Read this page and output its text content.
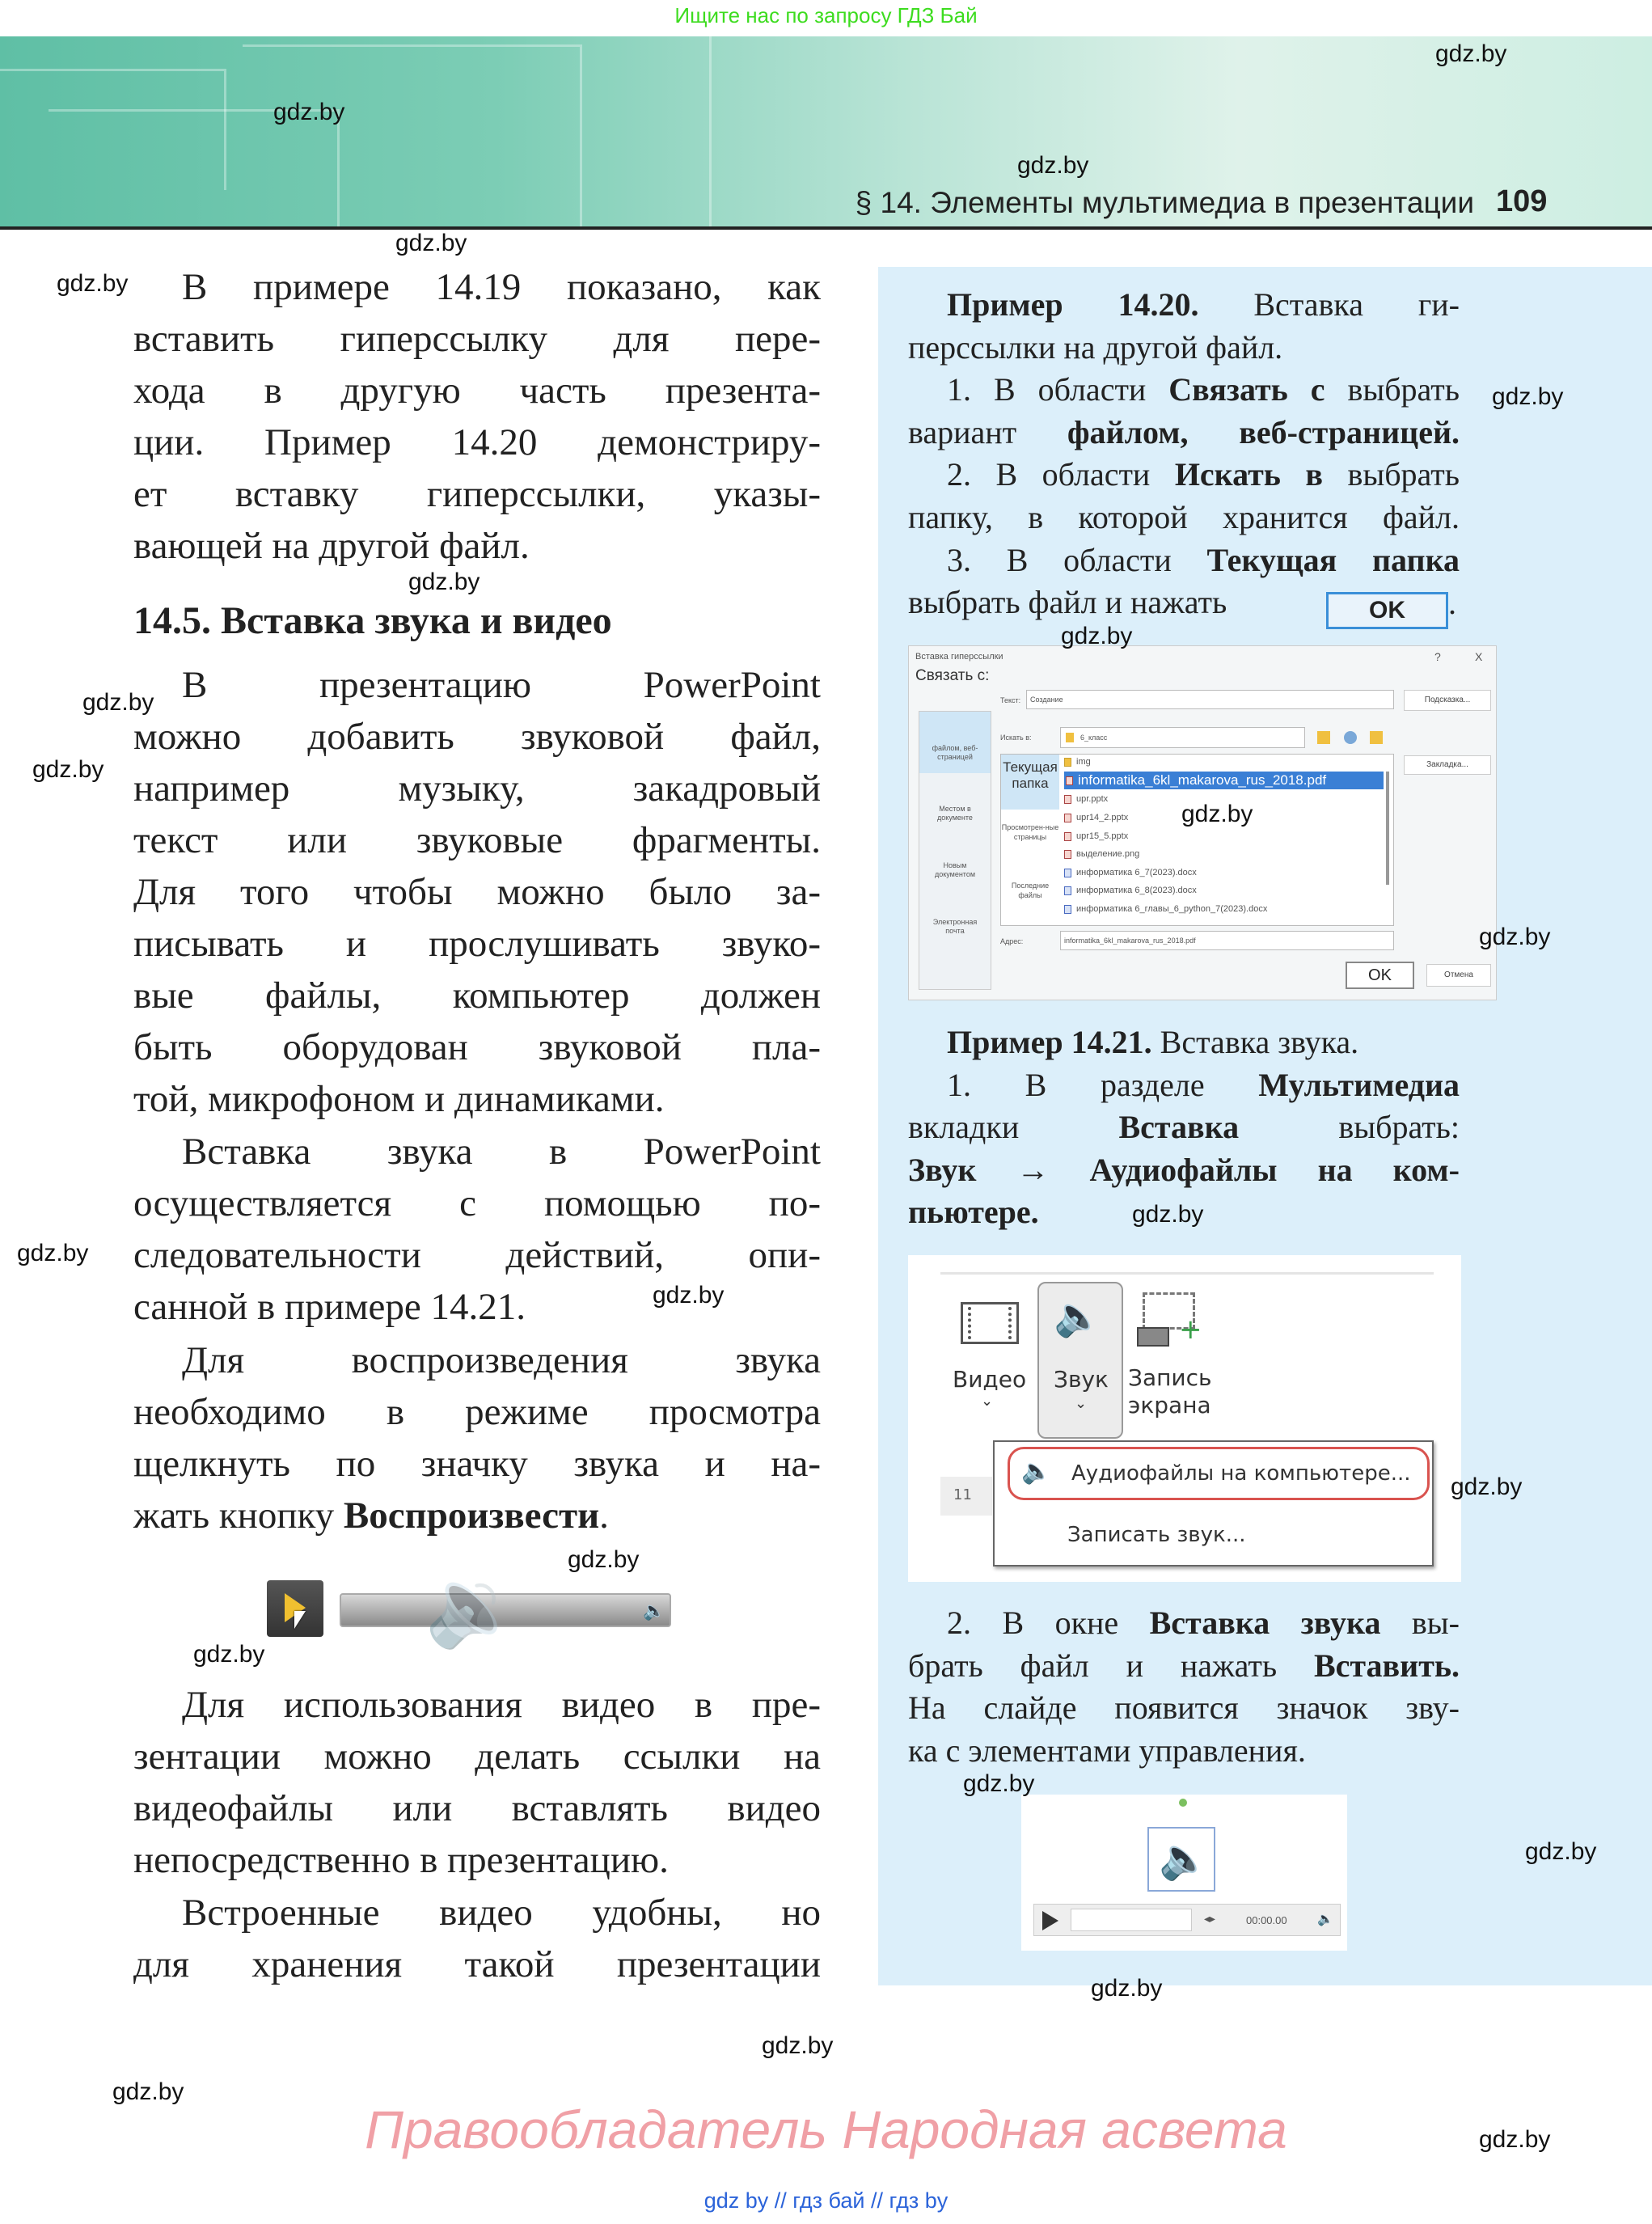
Ищите нас по запросу ГДЗ Бай
§ 14. Элементы мультимедиа в презентации 109
В примере 14.19 показано, как
вставить гиперссылку для пере-
хода в другую часть презента-
ции. Пример 14.20 демонстриру-
ет вставку гиперссылки, указы-
вающей на другой файл.
14.5. Вставка звука и видео
В презентацию PowerPoint
можно добавить звуковой файл,
например музыку, закадровый
текст или звуковые фрагменты.
Для того чтобы можно было за-
писывать и прослушивать звуко-
вые файлы, компьютер должен
быть оборудован звуковой пла-
той, микрофоном и динамиками.
Вставка звука в PowerPoint
осуществляется с помощью по-
следовательности действий, опи-
санной в примере 14.21.
Для воспроизведения звука
необходимо в режиме просмотра
щелкнуть по значку звука и на-
жать кнопку Воспроизвести.
🔈
🔉
Для использования видео в пре-
зентации можно делать ссылки на
видеофайлы или вставлять видео
непосредственно в презентацию.
Встроенные видео удобны, но
для хранения такой презентации
Пример 14.20. Вставка ги-
перссылки на другой файл.
1. В области Связать с выбрать
вариант файлом, веб-страницей.
2. В области Искать в выбрать
папку, в которой хранится файл.
3. В области Текущая папка
выбрать файл и нажать	OK .
Вставка гиперссылки	?	X
Связать с:
файлом, веб-страницей
Местом в документе
Новым документом
Электронная почта
Текст: Создание	Подсказка...
Искать в:	6_класс
Текущая папка
Просмотрен-ные страницы
Последние файлы
img
informatika_6kl_makarova_rus_2018.pdf
upr.pptx
upr14_2.pptx
upr15_5.pptx
выделение.png
информатика 6_7(2023).docx
информатика 6_8(2023).docx
информатика 6_главы_6_python_7(2023).docx
Закладка...
Адрес:	informatika_6kl_makarova_rus_2018.pdf
OK	Отмена
Пример 14.21. Вставка звука.
1. В разделе Мультимедиа
вкладки Вставка выбрать:
Звук → Аудиофайлы на ком-
пьютере.
Видео
⌄
🔈
Звук
⌄
+
Запись
экрана
11
🔈 Аудиофайлы на компьютере...
Записать звук...
2. В окне Вставка звука вы-
брать файл и нажать Вставить.
На слайде появится значок зву-
ка с элементами управления.
🔈
◂▸	00:00.00 🔈
gdz.by
gdz.by
gdz.by
gdz.by
gdz.by
gdz.by
gdz.by
gdz.by
gdz.by
gdz.by
gdz.by
gdz.by
gdz.by
gdz.by
gdz.by
gdz.by
gdz.by
gdz.by
gdz.by
gdz.by
gdz.by
gdz.by
gdz.by
gdz.by
Правообладатель Народная асвета
gdz by // гдз бай // гдз by
